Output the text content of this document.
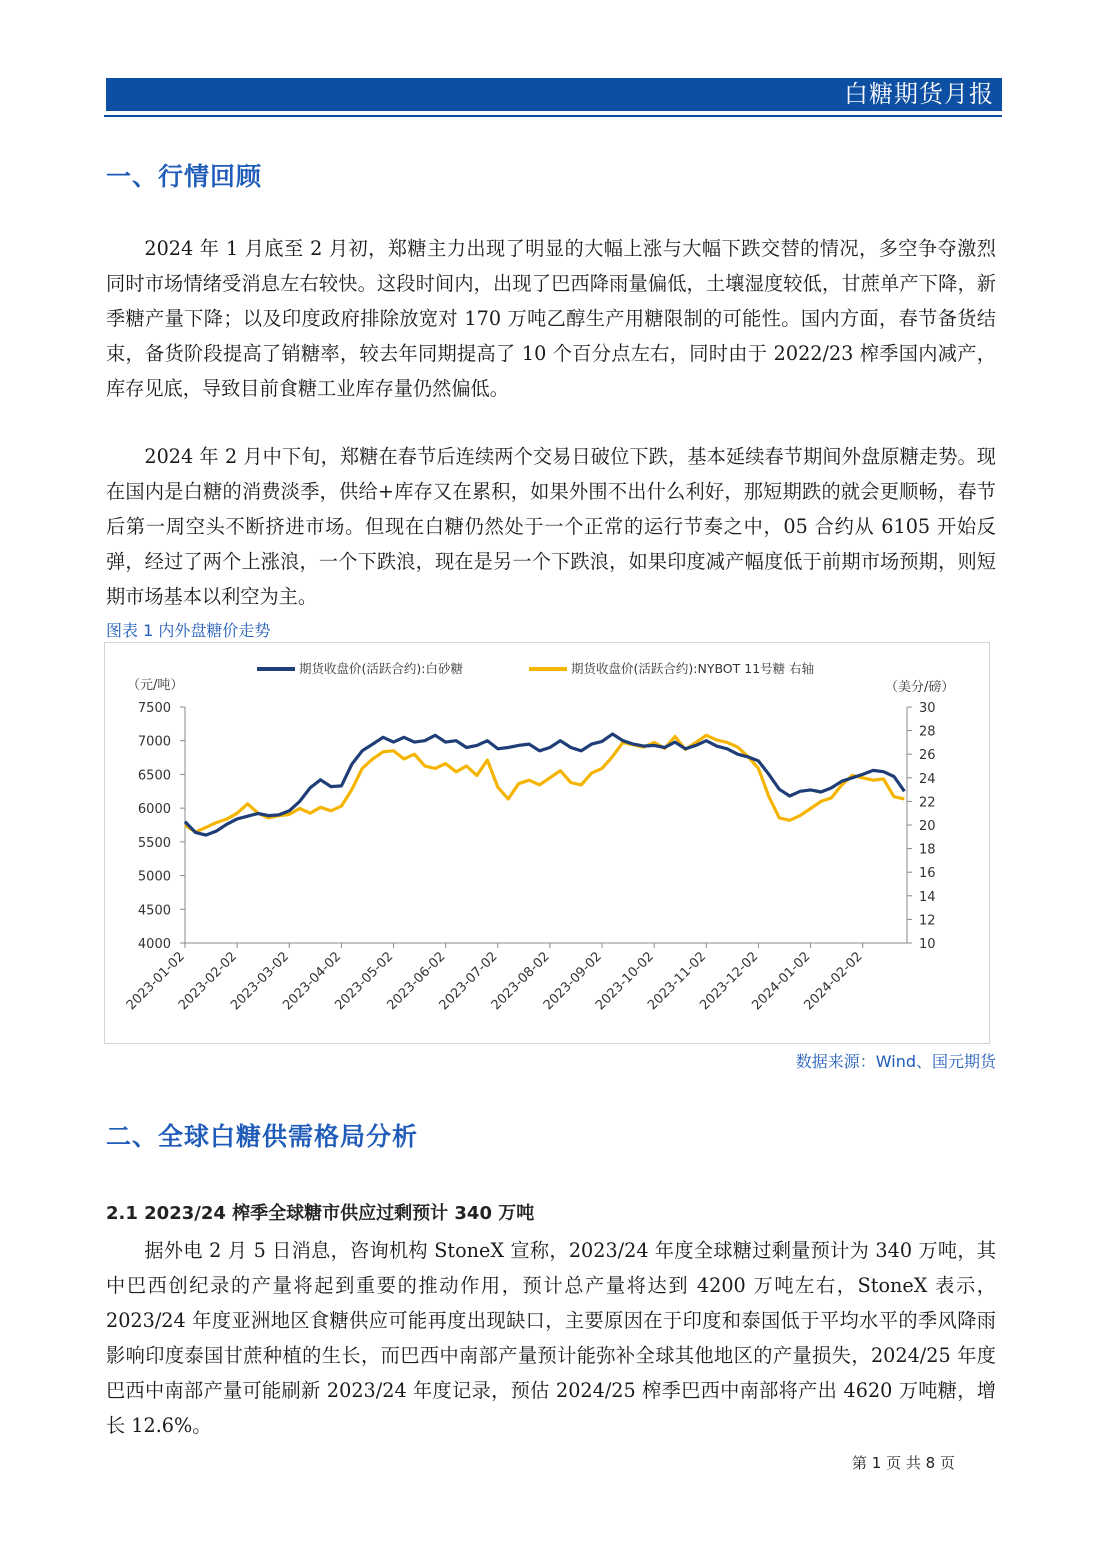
白糖期货月报
一、行情回顾

2024 年 1 月底至 2 月初，郑糖主力出现了明显的大幅上涨与大幅下跌交替的情况，多空争夺激烈同时市场情绪受消息左右较快。这段时间内，出现了巴西降雨量偏低，土壤湿度较低，甘蔗单产下降，新季糖产量下降；以及印度政府排除放宽对 170 万吨乙醇生产用糖限制的可能性。国内方面，春节备货结束，备货阶段提高了销糖率，较去年同期提高了 10 个百分点左右，同时由于 2022/23 榨季国内减产，库存见底，导致目前食糖工业库存量仍然偏低。

2024 年 2 月中下旬，郑糖在春节后连续两个交易日破位下跌，基本延续春节期间外盘原糖走势。现在国内是白糖的消费淡季，供给+库存又在累积，如果外围不出什么利好，那短期跌的就会更顺畅，春节后第一周空头不断挤进市场。但现在白糖仍然处于一个正常的运行节奏之中，05 合约从 6105 开始反弹，经过了两个上涨浪，一个下跌浪，现在是另一个下跌浪，如果印度减产幅度低于前期市场预期，则短期市场基本以利空为主。

图表 1 内外盘糖价走势

期货收盘价(活跃合约):白砂糖	期货收盘价(活跃合约):NYBOT 11号糖 右轴
（元/吨）	（美分/磅）
7500
7000
6500
6000
5500
5000
4500
4000
30
28
26
24
22
20
18
16
14
12
10
2023-01-02
2023-02-02
2023-03-02
2023-04-02
2023-05-02
2023-06-02
2023-07-02
2023-08-02
2023-09-02
2023-10-02
2023-11-02
2023-12-02
2024-01-02
2024-02-02

数据来源：Wind、国元期货

二、全球白糖供需格局分析
2.1 2023/24 榨季全球糖市供应过剩预计 340 万吨

据外电 2 月 5 日消息，咨询机构 StoneX 宣称，2023/24 年度全球糖过剩量预计为 340 万吨，其中巴西创纪录的产量将起到重要的推动作用，预计总产量将达到 4200 万吨左右，StoneX 表示，2023/24 年度亚洲地区食糖供应可能再度出现缺口，主要原因在于印度和泰国低于平均水平的季风降雨影响印度泰国甘蔗种植的生长，而巴西中南部产量预计能弥补全球其他地区的产量损失，2024/25 年度巴西中南部产量可能刷新 2023/24 年度记录，预估 2024/25 榨季巴西中南部将产出 4620 万吨糖，增长 12.6%。

第 1 页 共 8 页
